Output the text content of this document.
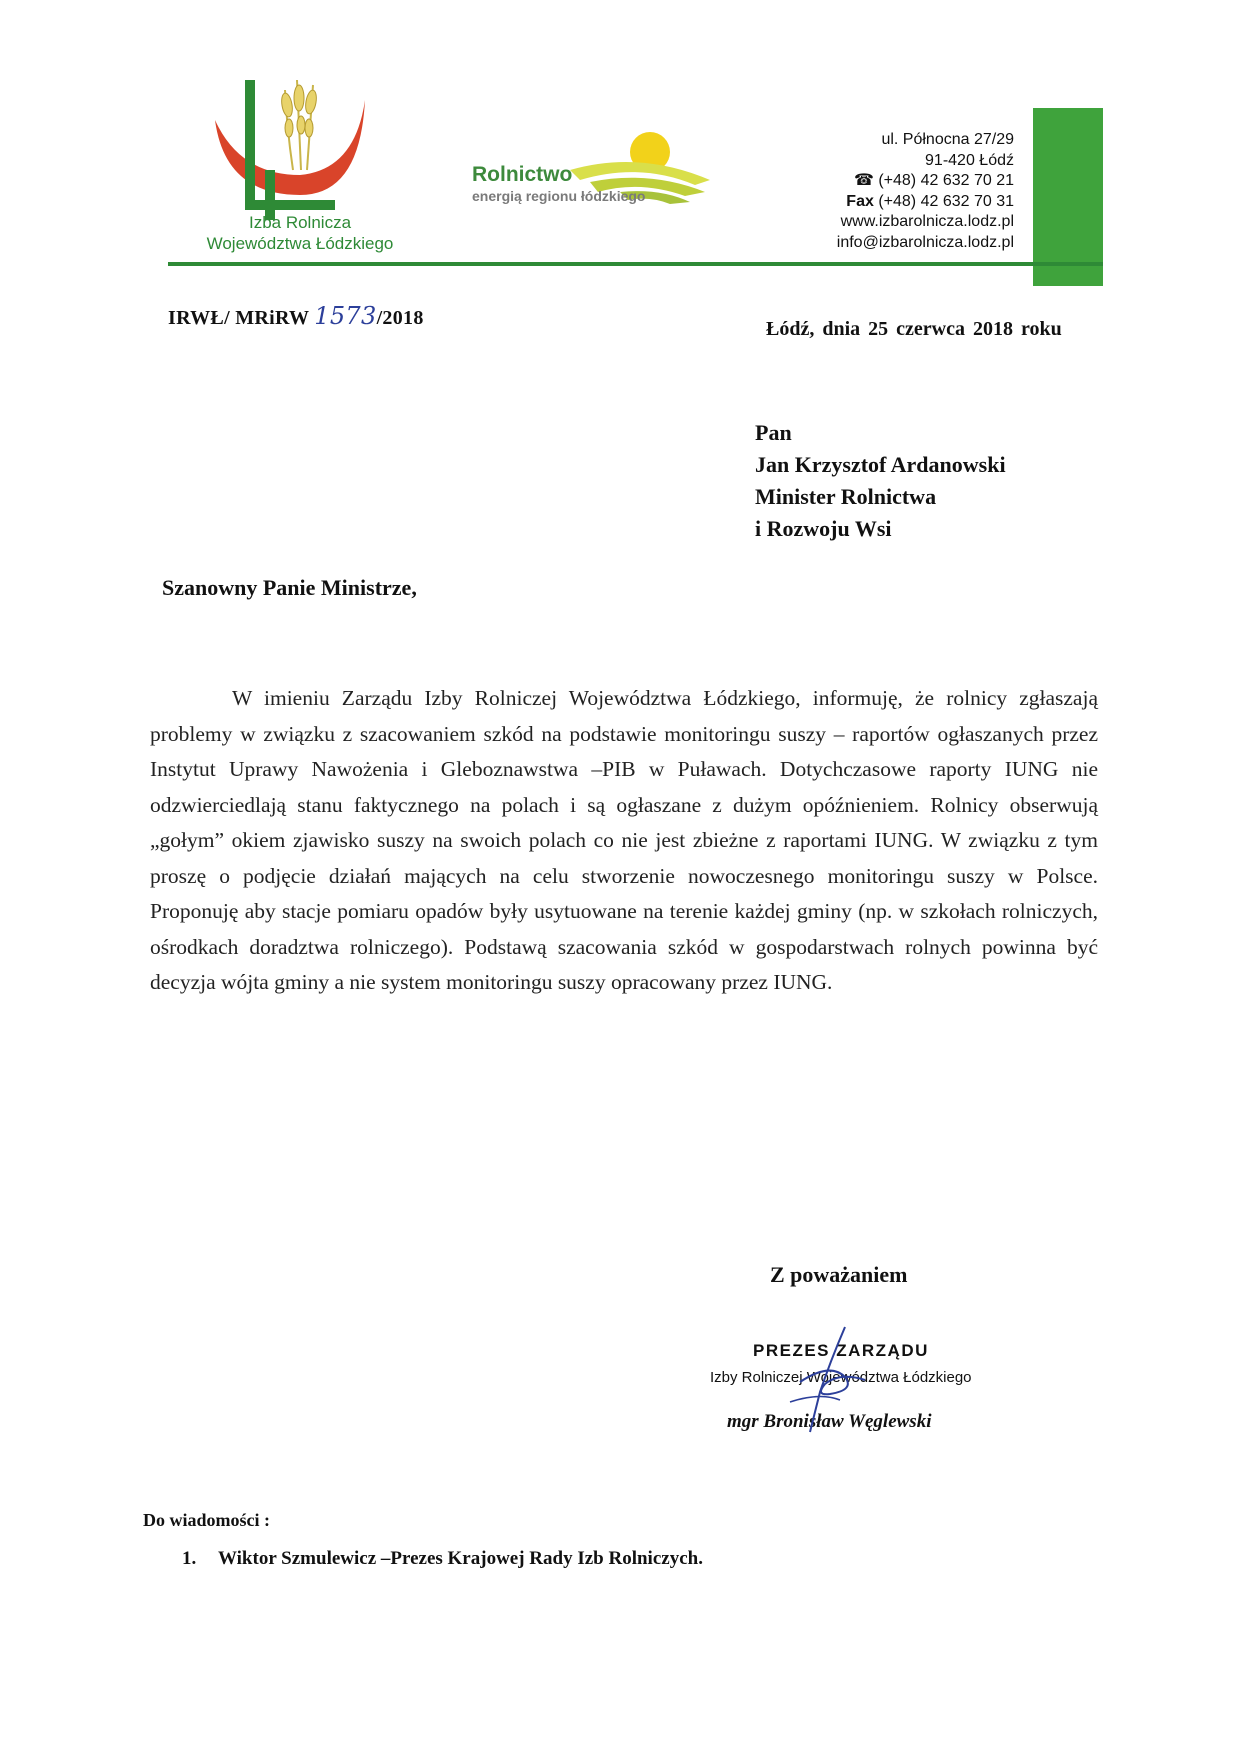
Izba Rolnicza
Województwa Łódzkiego
Rolnictwo
energią regionu łódzkiego
ul. Północna 27/29
91-420 Łódź
☎ (+48) 42 632 70 21
Fax (+48) 42 632 70 31
www.izbarolnicza.lodz.pl
info@izbarolnicza.lodz.pl
IRWŁ/ MRiRW 1573/2018	Łódź, dnia 25 czerwca 2018 roku
Pan
Jan Krzysztof Ardanowski
Minister Rolnictwa
i Rozwoju Wsi
Szanowny Panie Ministrze,
W imieniu Zarządu Izby Rolniczej Województwa Łódzkiego, informuję, że rolnicy zgłaszają problemy w związku z szacowaniem szkód na podstawie monitoringu suszy – raportów ogłaszanych przez Instytut Uprawy Nawożenia i Gleboznawstwa –PIB w Puławach. Dotychczasowe raporty IUNG nie odzwierciedlają stanu faktycznego na polach i są ogłaszane z dużym opóźnieniem. Rolnicy obserwują „gołym” okiem zjawisko suszy na swoich polach co nie jest zbieżne z raportami IUNG. W związku z tym proszę o podjęcie działań mających na celu stworzenie nowoczesnego monitoringu suszy w Polsce. Proponuję aby stacje pomiaru opadów były usytuowane na terenie każdej gminy (np. w szkołach rolniczych, ośrodkach doradztwa rolniczego). Podstawą szacowania szkód w gospodarstwach rolnych powinna być decyzja wójta gminy a nie system monitoringu suszy opracowany przez IUNG.
Z poważaniem
PREZES ZARZĄDU
Izby Rolniczej Województwa Łódzkiego
mgr Bronisław Węglewski
Do wiadomości :
1. Wiktor Szmulewicz –Prezes Krajowej Rady Izb Rolniczych.
